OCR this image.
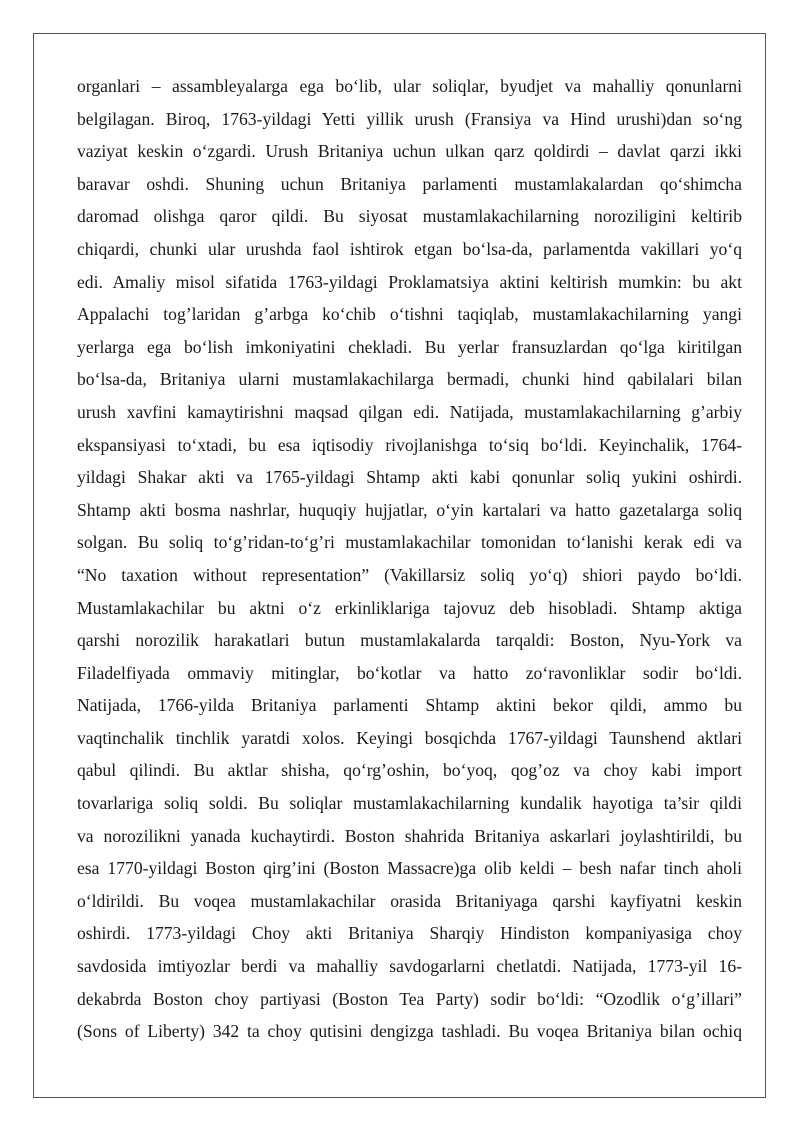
organlari – assambleyalarga ega bo‘lib, ular soliqlar, byudjet va mahalliy qonunlarni
belgilagan. Biroq, 1763-yildagi Yetti yillik urush (Fransiya va Hind urushi)dan so‘ng
vaziyat keskin o‘zgardi. Urush Britaniya uchun ulkan qarz qoldirdi – davlat qarzi ikki
baravar oshdi. Shuning uchun Britaniya parlamenti mustamlakalardan qo‘shimcha
daromad olishga qaror qildi. Bu siyosat mustamlakachilarning noroziligini keltirib
chiqardi, chunki ular urushda faol ishtirok etgan bo‘lsa-da, parlamentda vakillari yo‘q
edi. Amaliy misol sifatida 1763-yildagi Proklamatsiya aktini keltirish mumkin: bu akt
Appalachi tog’laridan g’arbga ko‘chib o‘tishni taqiqlab, mustamlakachilarning yangi
yerlarga ega bo‘lish imkoniyatini chekladi. Bu yerlar fransuzlardan qo‘lga kiritilgan
bo‘lsa-da, Britaniya ularni mustamlakachilarga bermadi, chunki hind qabilalari bilan
urush xavfini kamaytirishni maqsad qilgan edi. Natijada, mustamlakachilarning g’arbiy
ekspansiyasi to‘xtadi, bu esa iqtisodiy rivojlanishga to‘siq bo‘ldi. Keyinchalik, 1764-
yildagi Shakar akti va 1765-yildagi Shtamp akti kabi qonunlar soliq yukini oshirdi.
Shtamp akti bosma nashrlar, huquqiy hujjatlar, o‘yin kartalari va hatto gazetalarga soliq
solgan. Bu soliq to‘g’ridan-to‘g’ri mustamlakachilar tomonidan to‘lanishi kerak edi va
“No taxation without representation” (Vakillarsiz soliq yo‘q) shiori paydo bo‘ldi.
Mustamlakachilar bu aktni o‘z erkinliklariga tajovuz deb hisobladi. Shtamp aktiga
qarshi norozilik harakatlari butun mustamlakalarda tarqaldi: Boston, Nyu-York va
Filadelfiyada ommaviy mitinglar, bo‘kotlar va hatto zo‘ravonliklar sodir bo‘ldi.
Natijada, 1766-yilda Britaniya parlamenti Shtamp aktini bekor qildi, ammo bu
vaqtinchalik tinchlik yaratdi xolos. Keyingi bosqichda 1767-yildagi Taunshend aktlari
qabul qilindi. Bu aktlar shisha, qo‘rg’oshin, bo‘yoq, qog’oz va choy kabi import
tovarlariga soliq soldi. Bu soliqlar mustamlakachilarning kundalik hayotiga ta’sir qildi
va norozilikni yanada kuchaytirdi. Boston shahrida Britaniya askarlari joylashtirildi, bu
esa 1770-yildagi Boston qirg’ini (Boston Massacre)ga olib keldi – besh nafar tinch aholi
o‘ldirildi. Bu voqea mustamlakachilar orasida Britaniyaga qarshi kayfiyatni keskin
oshirdi. 1773-yildagi Choy akti Britaniya Sharqiy Hindiston kompaniyasiga choy
savdosida imtiyozlar berdi va mahalliy savdogarlarni chetlatdi. Natijada, 1773-yil 16-
dekabrda Boston choy partiyasi (Boston Tea Party) sodir bo‘ldi: “Ozodlik o‘g’illari”
(Sons of Liberty) 342 ta choy qutisini dengizga tashladi. Bu voqea Britaniya bilan ochiq
